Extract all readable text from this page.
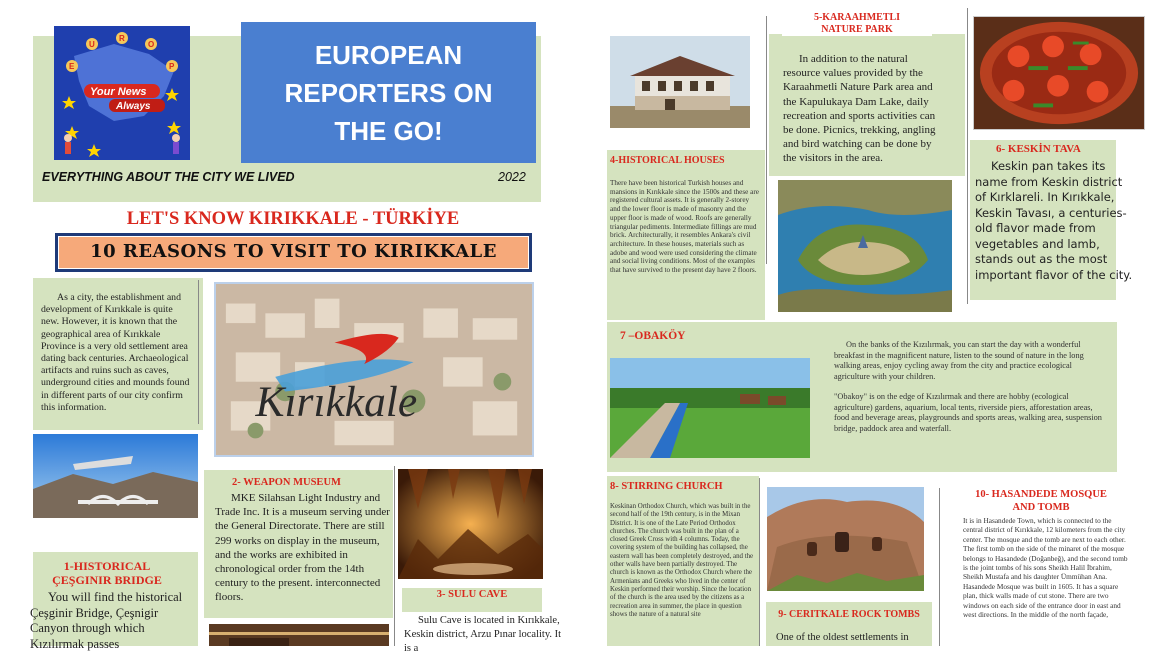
U
R
O
E	P
Your News
Always
EUROPEAN
REPORTERS ON
THE GO!
EVERYTHING ABOUT THE CITY WE LIVED	2022
LET'S KNOW KIRIKKALE - TÜRKİYE
10 REASONS TO VISIT TO KIRIKKALE
As a city, the establishment and development of Kırıkkale is quite new. However, it is known that the geographical area of Kırıkkale Province is a very old settlement area dating back centuries. Archaeological artifacts and ruins such as caves, underground cities and mounds found in different parts of our city confirm this information.	Kırıkkale
1-HISTORICAL
ÇEŞGINIR BRIDGE
You will find the historical Çeşginir Bridge, Çeşnigir Canyon through which Kızılırmak passes
2- WEAPON MUSEUM
MKE Silahsan Light Industry and Trade Inc. It is a museum serving under the General Directorate. There are still 299 works on display in the museum, and the works are exhibited in chronological order from the 14th century to the present. interconnected floors.	3- SULU CAVE
Sulu Cave is located in Kırıkkale, Keskin district, Arzu Pınar locality. It is a
4-HISTORICAL HOUSES
There have been historical Turkish houses and mansions in Kırıkkale since the 1500s and these are registered cultural assets. It is generally 2-storey and the lower floor is made of masonry and the upper floor is made of wood. Roofs are generally triangular pediments. Intermediate fillings are mud brick. Architecturally, it resembles Ankara's civil architecture. In these houses, materials such as adobe and wood were used considering the climate and social living conditions. Most of the examples that have survived to the present day have 2 floors.
5-KARAAHMETLI
NATURE PARK
In addition to the natural resource values provided by the Karaahmetli Nature Park area and the Kapulukaya Dam Lake, daily recreation and sports activities can be done. Picnics, trekking, angling and bird watching can be done by the visitors in the area.
6- KESKİN TAVA
Keskin pan takes its name from Keskin district of Kırklareli. In Kırıkkale, Keskin Tavası, a centuries-old flavor made from vegetables and lamb, stands out as the most important flavor of the city.
7 –OBAKÖY
On the banks of the Kızılırmak, you can start the day with a wonderful breakfast in the magnificent nature, listen to the sound of nature in the long walking areas, enjoy cycling away from the city and practice ecological agriculture with your children.
"Obakoy" is on the edge of Kızılırmak and there are hobby (ecological agriculture) gardens, aquarium, local tents, riverside piers, afforestation areas, food and beverage areas, playgrounds and sports areas, walking area, suspension bridge, paddock area and waterfall.
8- STIRRING CHURCH
Keskinan Orthodox Church, which was built in the second half of the 19th century, is in the Mixan District. It is one of the Late Period Orthodox churches. The church was built in the plan of a closed Greek Cross with 4 columns. Today, the covering system of the building has collapsed, the eastern wall has been completely destroyed, and the other walls have been partially destroyed. The church is known as the Orthodox Church where the Armenians and Greeks who lived in the center of Keskin performed their worship. Since the location of the church is the area used by the citizens as a recreation area in summer, the place in question shows the nature of a natural site	9- CERITKALE ROCK TOMBS
One of the oldest settlements in
10- HASANDEDE MOSQUE
AND TOMB
It is in Hasandede Town, which is connected to the central district of Kırıkkale, 12 kilometers from the city center. The mosque and the tomb are next to each other. The first tomb on the side of the minaret of the mosque belongs to Hasandede (Doğanbeğ), and the second tomb is the joint tombs of his sons Sheikh Halil İbrahim, Sheikh Mustafa and his daughter Ümmühan Ana. Hasandede Mosque was built in 1605. It has a square plan, thick walls made of cut stone. There are two windows on each side of the entrance door in east and west directions. In the middle of the north façade,
